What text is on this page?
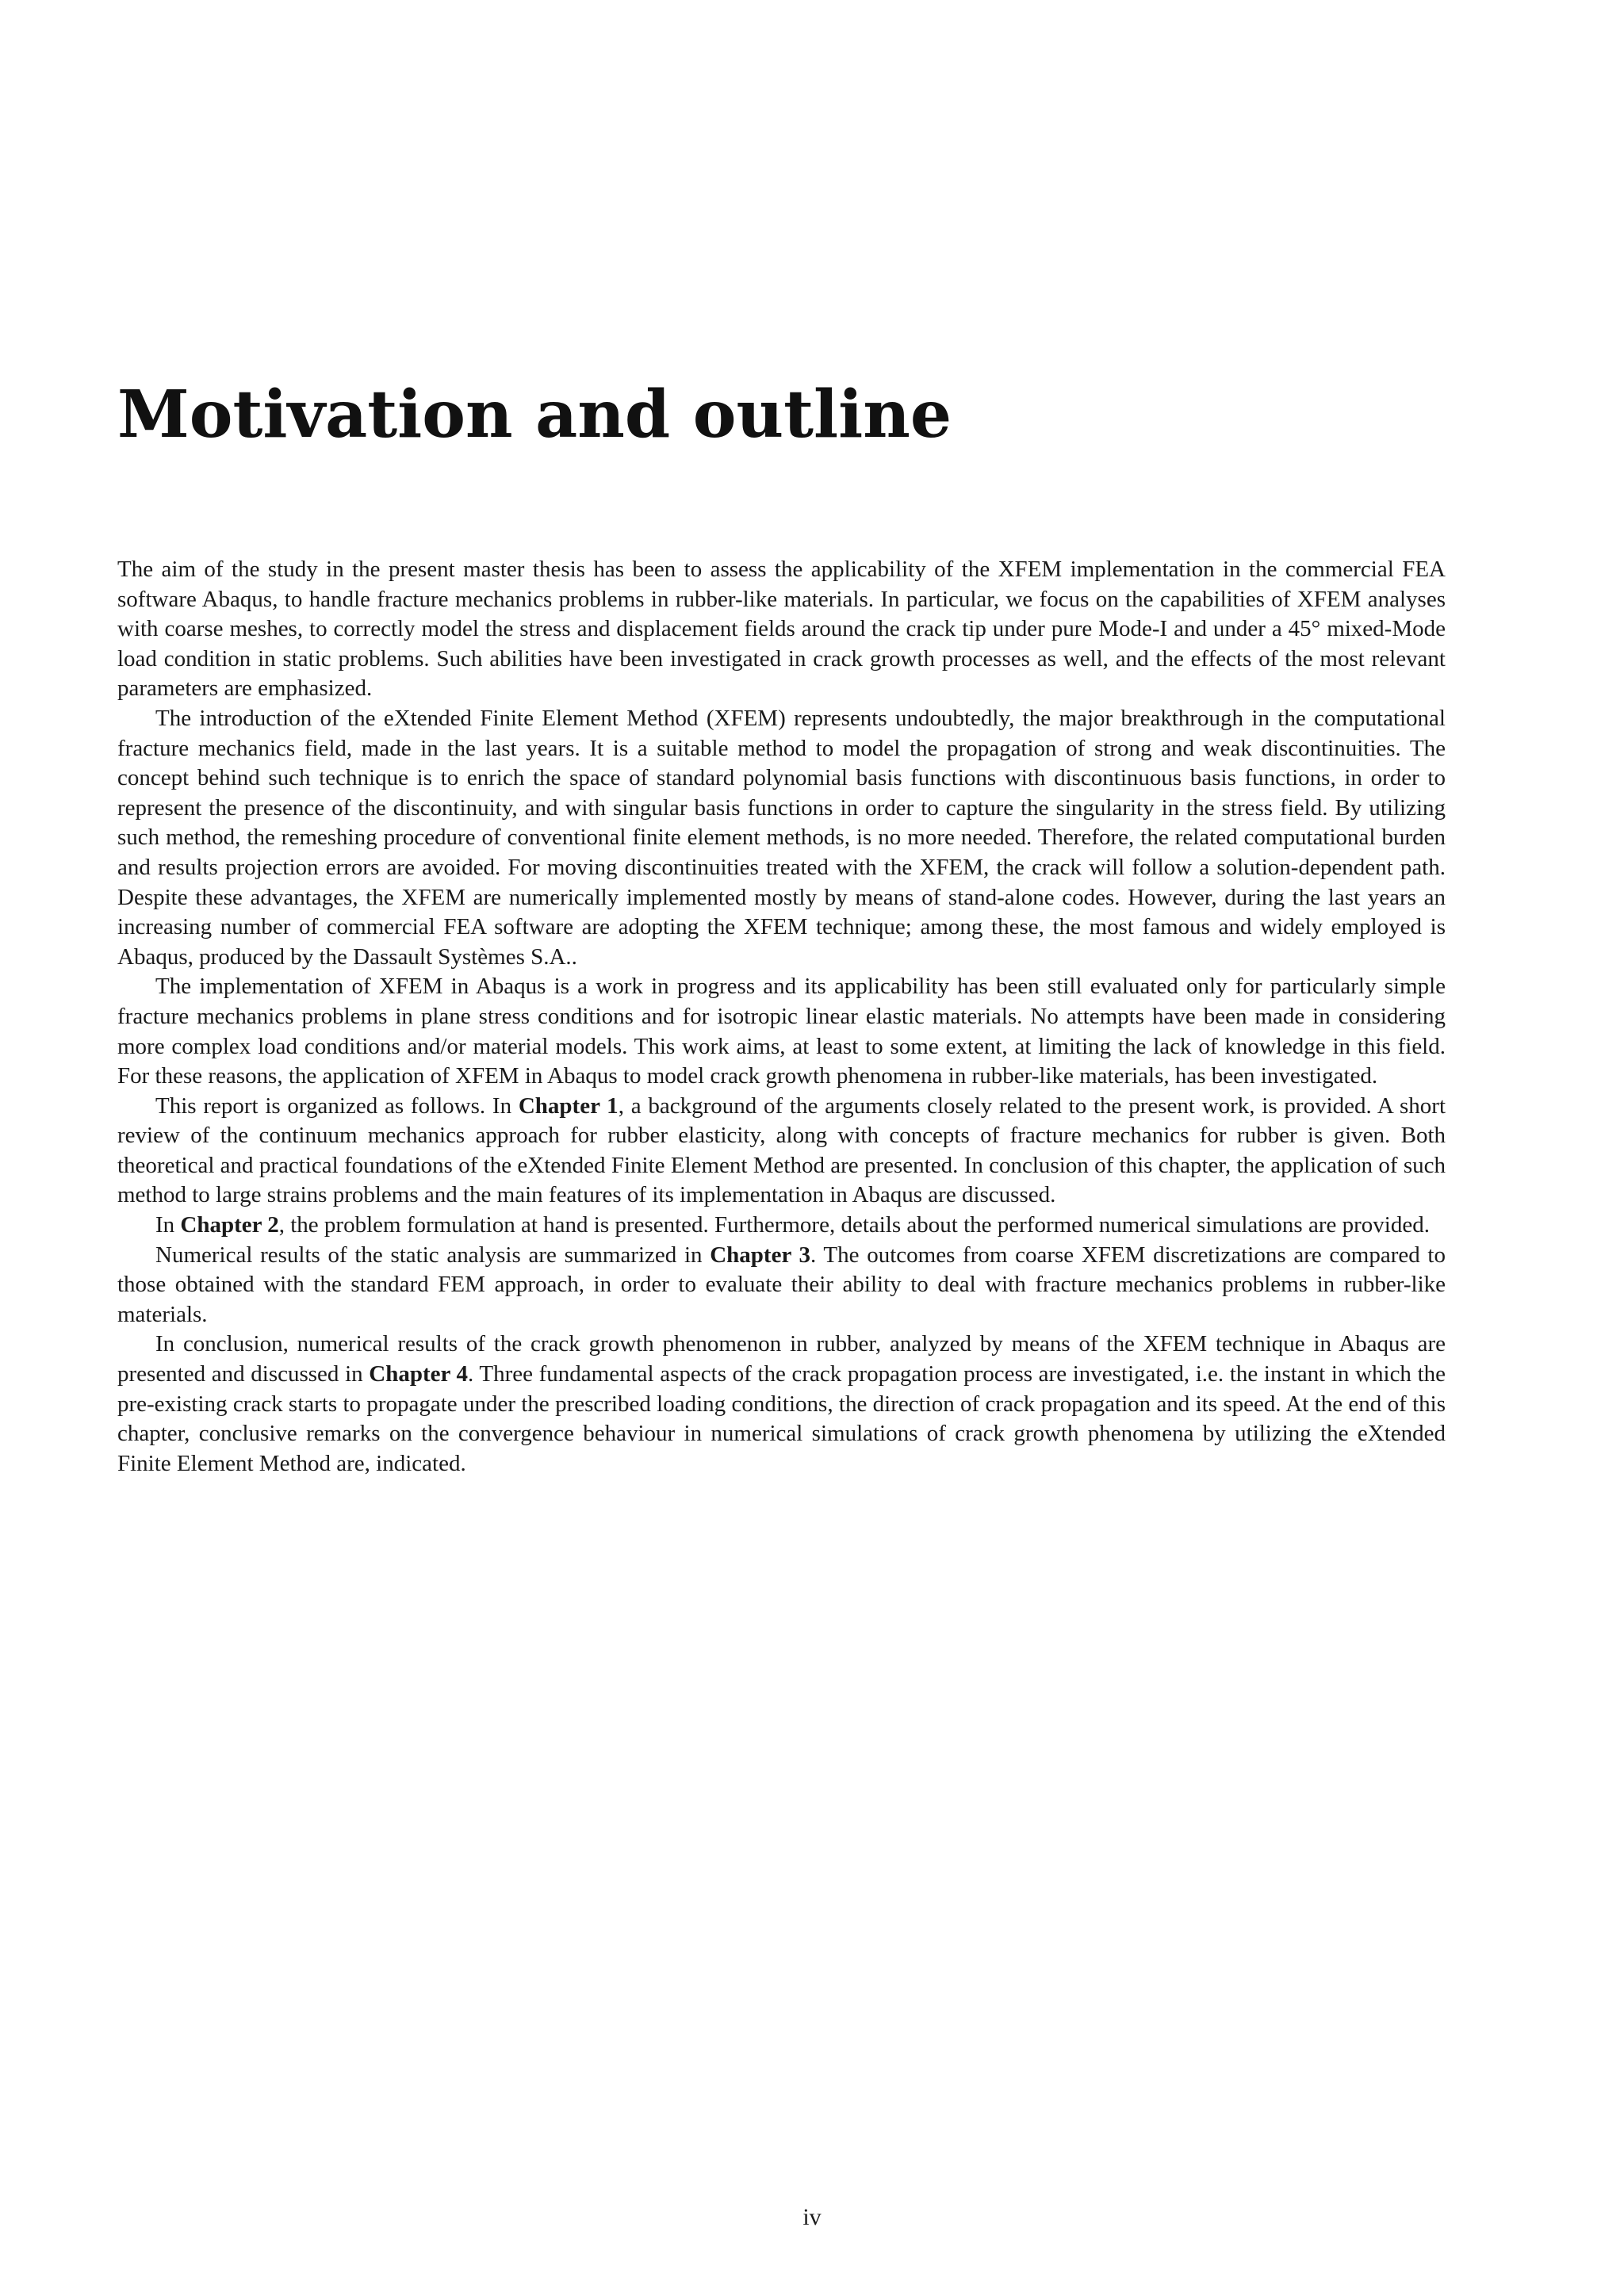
Motivation and outline

The aim of the study in the present master thesis has been to assess the applicability of the XFEM implementation in the commercial FEA software Abaqus, to handle fracture mechanics problems in rubber-like materials. In particular, we focus on the capabilities of XFEM analyses with coarse meshes, to correctly model the stress and displacement fields around the crack tip under pure Mode-I and under a 45° mixed-Mode load condition in static problems. Such abilities have been investigated in crack growth processes as well, and the effects of the most relevant parameters are emphasized.

The introduction of the eXtended Finite Element Method (XFEM) represents undoubtedly, the major breakthrough in the computational fracture mechanics field, made in the last years. It is a suitable method to model the propagation of strong and weak discontinuities. The concept behind such technique is to enrich the space of standard polynomial basis functions with discontinuous basis functions, in order to represent the presence of the discontinuity, and with singular basis functions in order to capture the singularity in the stress field. By utilizing such method, the remeshing procedure of conventional finite element methods, is no more needed. Therefore, the related computational burden and results projection errors are avoided. For moving discontinuities treated with the XFEM, the crack will follow a solution-dependent path. Despite these advantages, the XFEM are numerically implemented mostly by means of stand-alone codes. However, during the last years an increasing number of commercial FEA software are adopting the XFEM technique; among these, the most famous and widely employed is Abaqus, produced by the Dassault Systèmes S.A..

The implementation of XFEM in Abaqus is a work in progress and its applicability has been still evaluated only for particularly simple fracture mechanics problems in plane stress conditions and for isotropic linear elastic materials. No attempts have been made in considering more complex load conditions and/or material models. This work aims, at least to some extent, at limiting the lack of knowledge in this field. For these reasons, the application of XFEM in Abaqus to model crack growth phenomena in rubber-like materials, has been investigated.

This report is organized as follows. In Chapter 1, a background of the arguments closely related to the present work, is provided. A short review of the continuum mechanics approach for rubber elasticity, along with concepts of fracture mechanics for rubber is given. Both theoretical and practical foundations of the eXtended Finite Element Method are presented. In conclusion of this chapter, the application of such method to large strains problems and the main features of its implementation in Abaqus are discussed.

In Chapter 2, the problem formulation at hand is presented. Furthermore, details about the performed numerical simulations are provided.

Numerical results of the static analysis are summarized in Chapter 3. The outcomes from coarse XFEM discretizations are compared to those obtained with the standard FEM approach, in order to evaluate their ability to deal with fracture mechanics problems in rubber-like materials.

In conclusion, numerical results of the crack growth phenomenon in rubber, analyzed by means of the XFEM technique in Abaqus are presented and discussed in Chapter 4. Three fundamental aspects of the crack propagation process are investigated, i.e. the instant in which the pre-existing crack starts to propagate under the prescribed loading conditions, the direction of crack propagation and its speed. At the end of this chapter, conclusive remarks on the convergence behaviour in numerical simulations of crack growth phenomena by utilizing the eXtended Finite Element Method are, indicated.

iv
